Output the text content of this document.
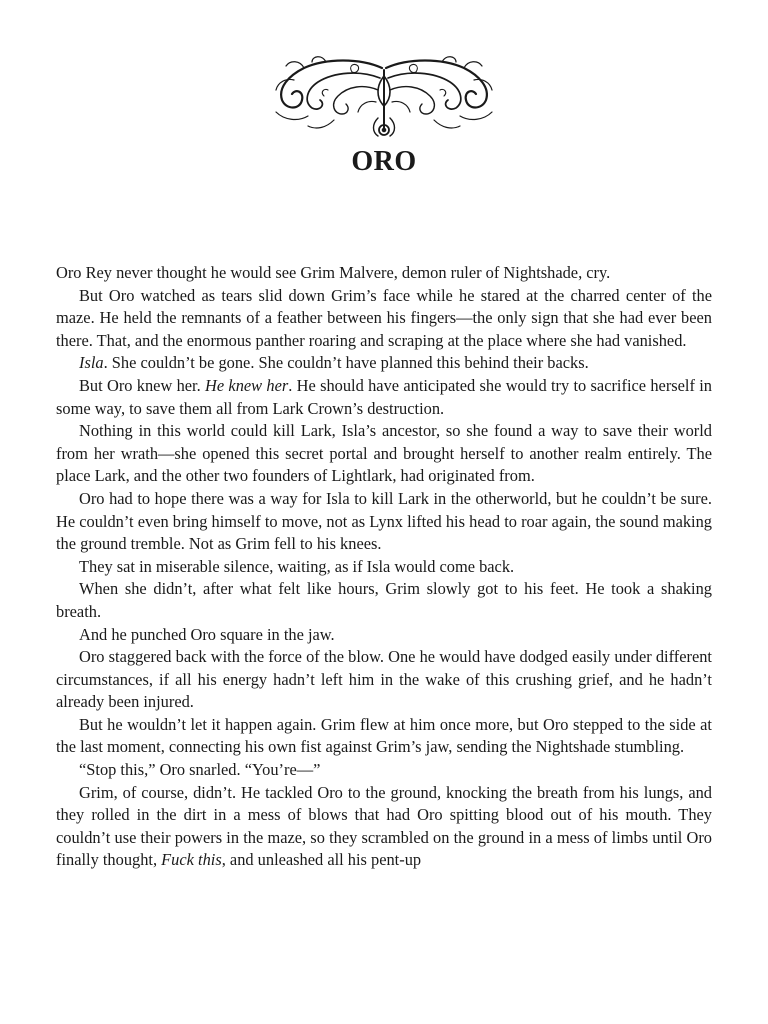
ORO

Oro Rey never thought he would see Grim Malvere, demon ruler of Nightshade, cry.

But Oro watched as tears slid down Grim’s face while he stared at the charred center of the maze. He held the remnants of a feather between his fingers—the only sign that she had ever been there. That, and the enormous panther roaring and scraping at the place where she had vanished.

Isla. She couldn’t be gone. She couldn’t have planned this behind their backs.

But Oro knew her. He knew her. He should have anticipated she would try to sacrifice herself in some way, to save them all from Lark Crown’s destruction.

Nothing in this world could kill Lark, Isla’s ancestor, so she found a way to save their world from her wrath—she opened this secret portal and brought herself to another realm entirely. The place Lark, and the other two founders of Lightlark, had originated from.

Oro had to hope there was a way for Isla to kill Lark in the otherworld, but he couldn’t be sure. He couldn’t even bring himself to move, not as Lynx lifted his head to roar again, the sound making the ground tremble. Not as Grim fell to his knees.

They sat in miserable silence, waiting, as if Isla would come back.

When she didn’t, after what felt like hours, Grim slowly got to his feet. He took a shaking breath.

And he punched Oro square in the jaw.

Oro staggered back with the force of the blow. One he would have dodged easily under different circumstances, if all his energy hadn’t left him in the wake of this crushing grief, and he hadn’t already been injured.

But he wouldn’t let it happen again. Grim flew at him once more, but Oro stepped to the side at the last moment, connecting his own fist against Grim’s jaw, sending the Nightshade stumbling.

“Stop this,” Oro snarled. “You’re—”

Grim, of course, didn’t. He tackled Oro to the ground, knocking the breath from his lungs, and they rolled in the dirt in a mess of blows that had Oro spitting blood out of his mouth. They couldn’t use their powers in the maze, so they scrambled on the ground in a mess of limbs until Oro finally thought, Fuck this, and unleashed all his pent-up
